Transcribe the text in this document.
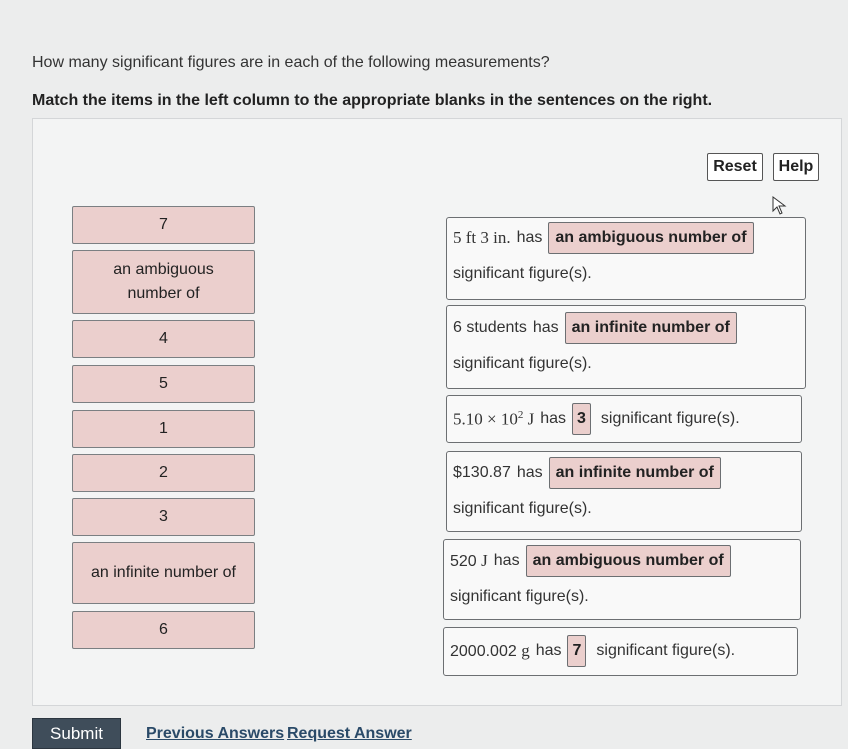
How many significant figures are in each of the following measurements?
Match the items in the left column to the appropriate blanks in the sentences on the right.
Reset	Help
7
an ambiguous number of
4
5
1
2
3
an infinite number of
6
5 ft 3 in. has an ambiguous number of
significant figure(s).
6 students has an infinite number of
significant figure(s).
$5.10 \times 10^2$ J has 3 significant figure(s).
$130.87 has an infinite number of
significant figure(s).
520 J has an ambiguous number of
significant figure(s).
2000.002 g has 7 significant figure(s).
Submit	Previous Answers Request Answer
